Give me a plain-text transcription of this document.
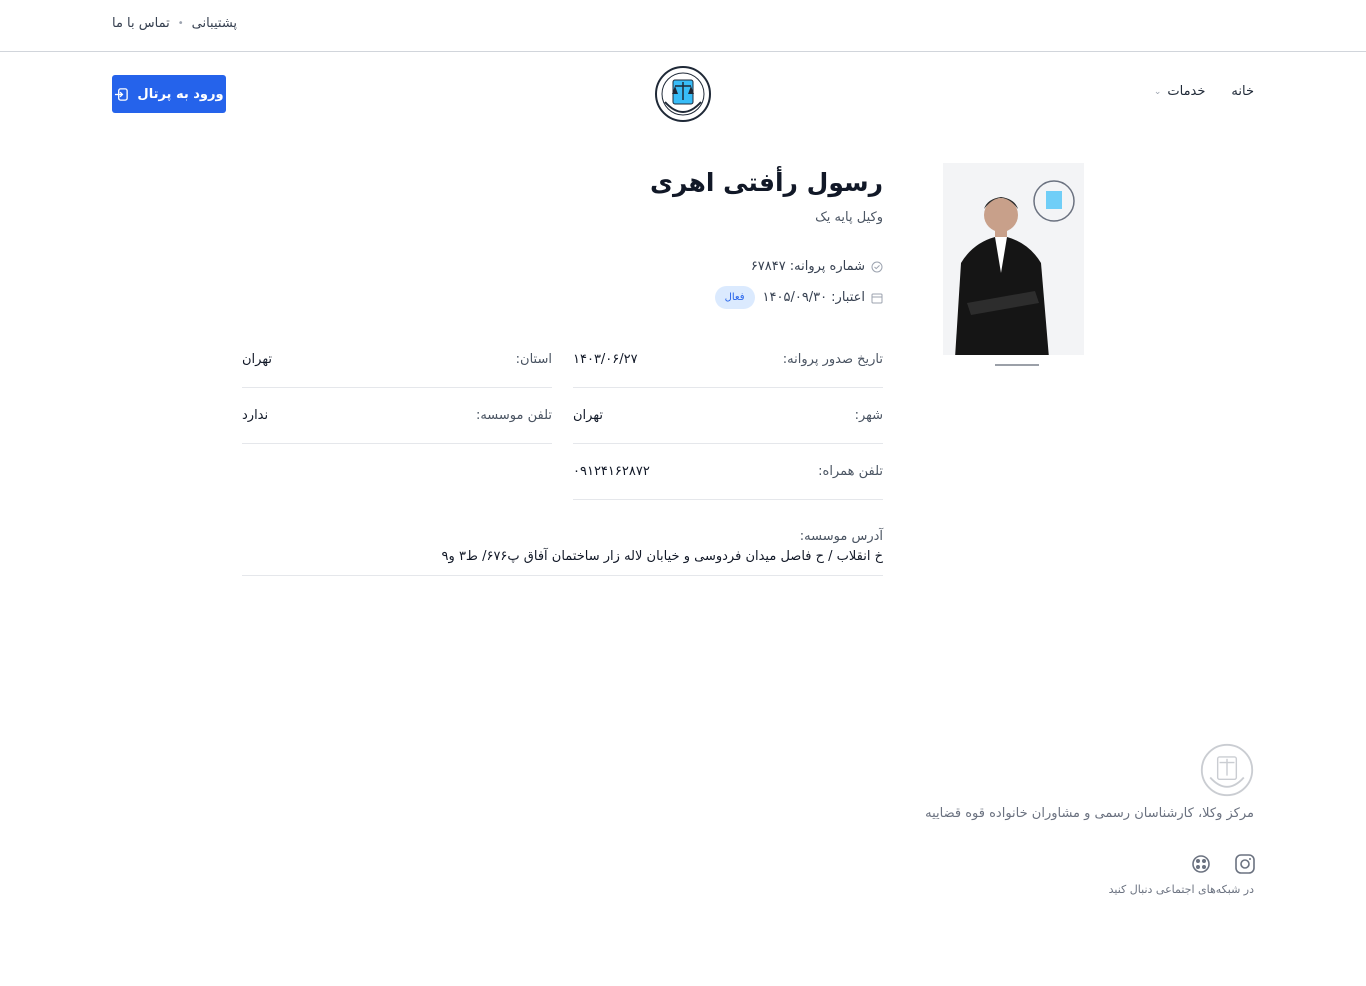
پشتیبانی
•
تماس با ما
خانه
خدمات
⌄
ورود به پرتال
رسول رأفتی اهری
وکیل پایه یک
شماره پروانه:
۶۷۸۴۷
اعتبار:
۱۴۰۵/۰۹/۳۰
فعال
تاریخ صدور پروانه:
۱۴۰۳/۰۶/۲۷
استان:
تهران
شهر:
تهران
تلفن موسسه:
ندارد
تلفن همراه:
۰۹۱۲۴۱۶۲۸۷۲
آدرس موسسه:
خ انقلاب / ح فاصل میدان فردوسی و خیابان لاله زار ساختمان آفاق پ۶۷۶/ ط۳ و۹
مرکز وکلا، کارشناسان رسمی و مشاوران خانواده قوه قضاییه
در شبکه‌های اجتماعی دنبال کنید
